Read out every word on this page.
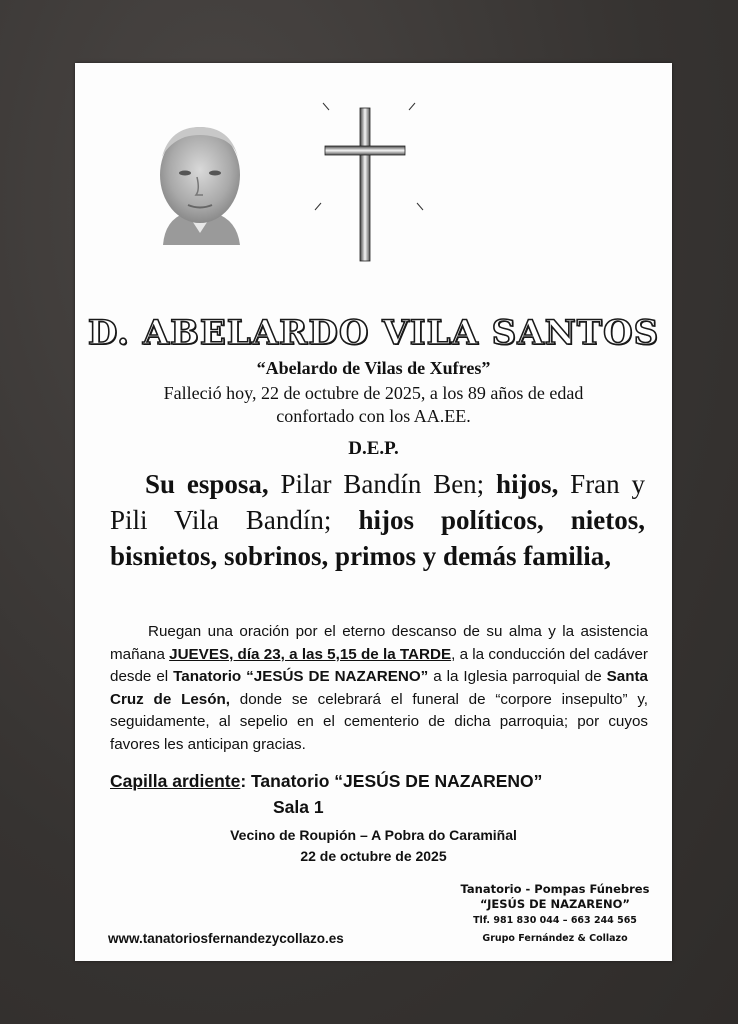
D. ABELARDO VILA SANTOS
“Abelardo de Vilas de Xufres”
Falleció hoy, 22 de octubre de 2025, a los 89 años de edad
confortado con los AA.EE.
D.E.P.
Su esposa, Pilar Bandín Ben; hijos, Fran y Pili Vila Bandín; hijos políticos, nietos, bisnietos, sobrinos, primos y demás familia,
Ruegan una oración por el eterno descanso de su alma y la asistencia mañana JUEVES, día 23, a las 5,15 de la TARDE, a la conducción del cadáver desde el Tanatorio “JESÚS DE NAZARENO” a la Iglesia parroquial de Santa Cruz de Lesón, donde se celebrará el funeral de “corpore insepulto” y, seguidamente, al sepelio en el cementerio de dicha parroquia; por cuyos favores les anticipan gracias.
Capilla ardiente: Tanatorio “JESÚS DE NAZARENO”
Sala 1
Vecino de Roupión – A Pobra do Caramiñal
22 de octubre de 2025
Tanatorio - Pompas Fúnebres
“JESÚS DE NAZARENO”
Tlf. 981 830 044 – 663 244 565
Grupo Fernández & Collazo
www.tanatoriosfernandezycollazo.es
